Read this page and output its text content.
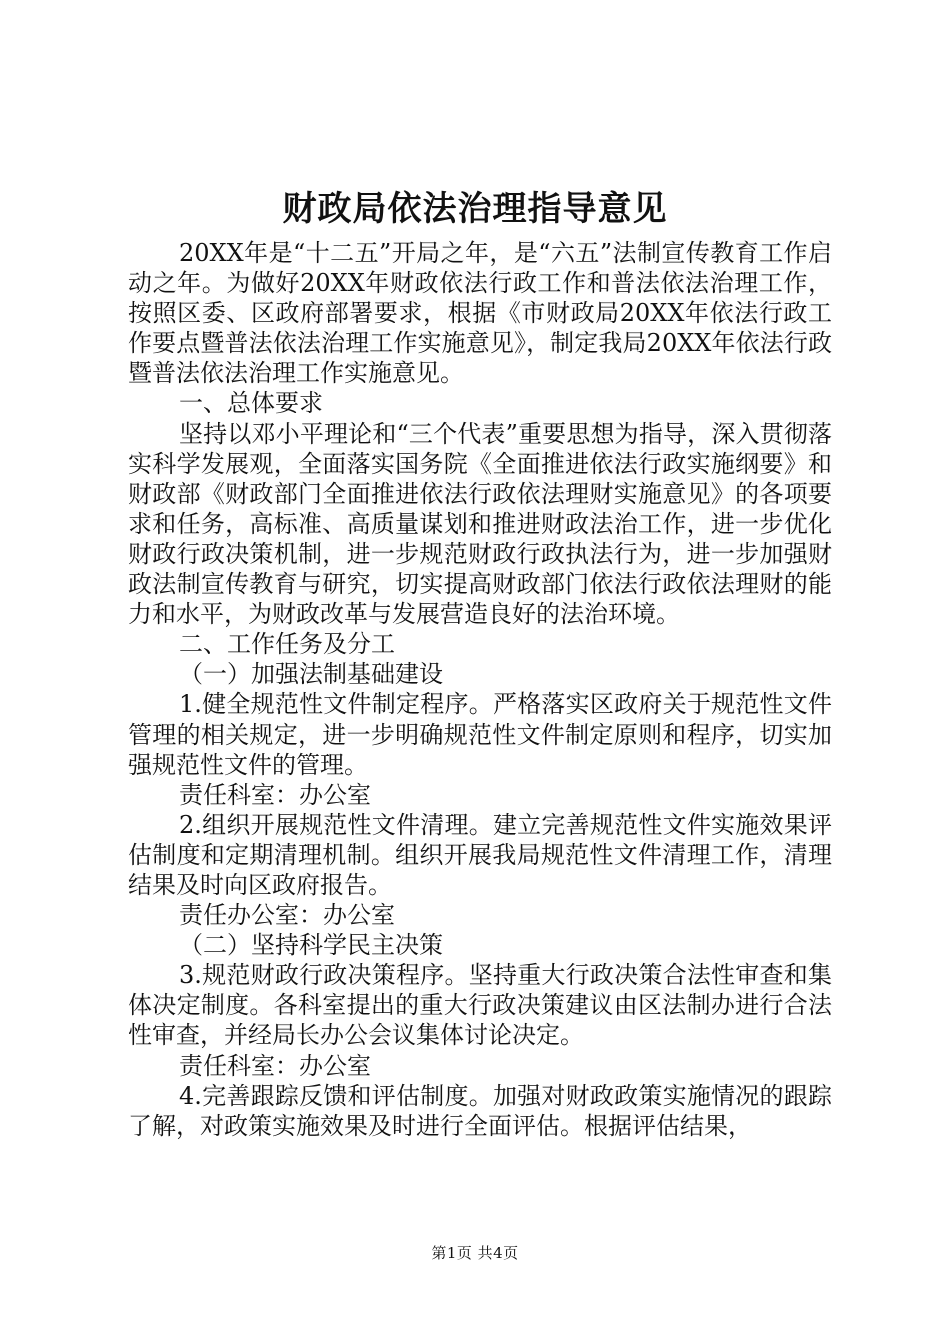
财政局依法治理指导意见

20XX年是“十二五”开局之年，是“六五”法制宣传教育工作启动之年。为做好20XX年财政依法行政工作和普法依法治理工作，按照区委、区政府部署要求，根据《市财政局20XX年依法行政工作要点暨普法依法治理工作实施意见》，制定我局20XX年依法行政暨普法依法治理工作实施意见。

一、总体要求

坚持以邓小平理论和“三个代表”重要思想为指导，深入贯彻落实科学发展观，全面落实国务院《全面推进依法行政实施纲要》和财政部《财政部门全面推进依法行政依法理财实施意见》的各项要求和任务，高标准、高质量谋划和推进财政法治工作，进一步优化财政行政决策机制，进一步规范财政行政执法行为，进一步加强财政法制宣传教育与研究，切实提高财政部门依法行政依法理财的能力和水平，为财政改革与发展营造良好的法治环境。

二、工作任务及分工

（一）加强法制基础建设

1.健全规范性文件制定程序。严格落实区政府关于规范性文件管理的相关规定，进一步明确规范性文件制定原则和程序，切实加强规范性文件的管理。

责任科室：办公室

2.组织开展规范性文件清理。建立完善规范性文件实施效果评估制度和定期清理机制。组织开展我局规范性文件清理工作，清理结果及时向区政府报告。

责任办公室：办公室

（二）坚持科学民主决策

3.规范财政行政决策程序。坚持重大行政决策合法性审查和集体决定制度。各科室提出的重大行政决策建议由区法制办进行合法性审查，并经局长办公会议集体讨论决定。

责任科室：办公室

4.完善跟踪反馈和评估制度。加强对财政政策实施情况的跟踪了解，对政策实施效果及时进行全面评估。根据评估结果，

第1页 共4页
